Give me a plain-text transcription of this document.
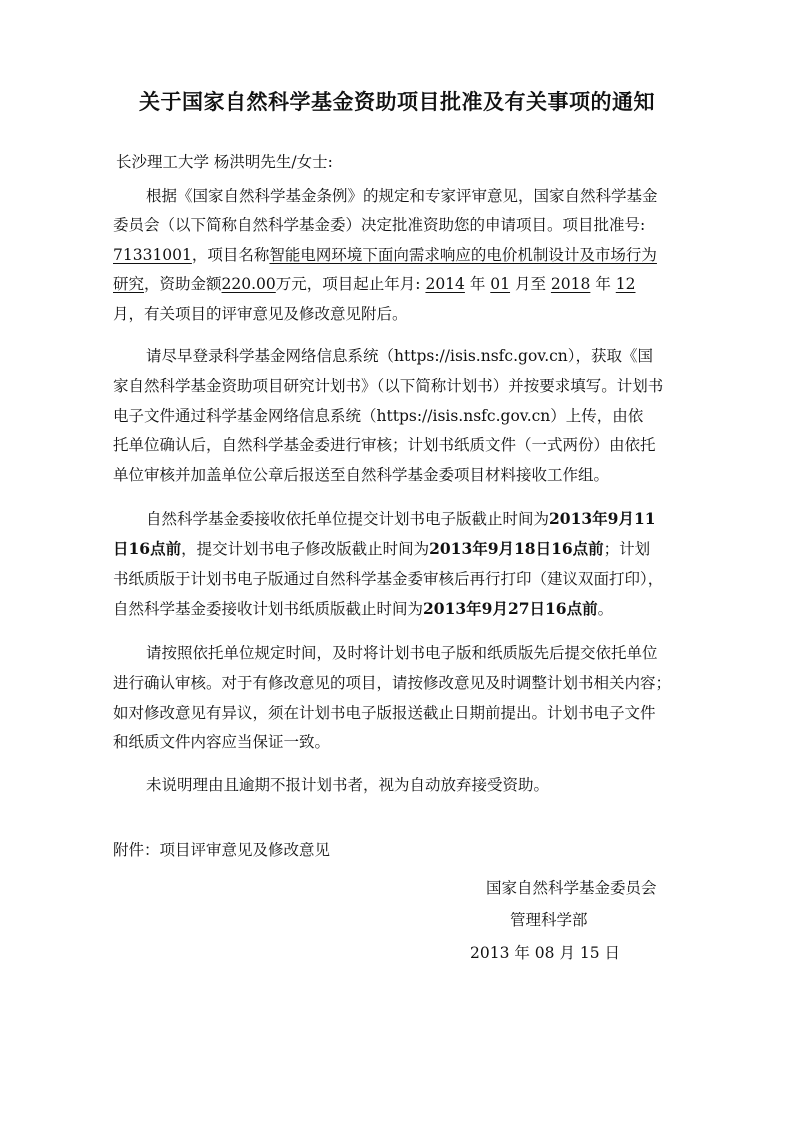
关于国家自然科学基金资助项目批准及有关事项的通知
长沙理工大学 杨洪明先生/女士:
根据《国家自然科学基金条例》的规定和专家评审意见，国家自然科学基金
委员会（以下简称自然科学基金委）决定批准资助您的申请项目。项目批准号:
71331001，项目名称智能电网环境下面向需求响应的电价机制设计及市场行为
研究，资助金额220.00万元，项目起止年月: 2014 年 01 月至 2018 年 12
月，有关项目的评审意见及修改意见附后。
请尽早登录科学基金网络信息系统（https://isis.nsfc.gov.cn），获取《国
家自然科学基金资助项目研究计划书》（以下简称计划书）并按要求填写。计划书
电子文件通过科学基金网络信息系统（https://isis.nsfc.gov.cn）上传，由依
托单位确认后，自然科学基金委进行审核；计划书纸质文件（一式两份）由依托
单位审核并加盖单位公章后报送至自然科学基金委项目材料接收工作组。
自然科学基金委接收依托单位提交计划书电子版截止时间为2013年9月11
日16点前，提交计划书电子修改版截止时间为2013年9月18日16点前；计划
书纸质版于计划书电子版通过自然科学基金委审核后再行打印（建议双面打印），
自然科学基金委接收计划书纸质版截止时间为2013年9月27日16点前。
请按照依托单位规定时间，及时将计划书电子版和纸质版先后提交依托单位
进行确认审核。对于有修改意见的项目，请按修改意见及时调整计划书相关内容；
如对修改意见有异议，须在计划书电子版报送截止日期前提出。计划书电子文件
和纸质文件内容应当保证一致。
未说明理由且逾期不报计划书者，视为自动放弃接受资助。
附件：项目评审意见及修改意见
国家自然科学基金委员会
管理科学部
2013 年 08 月 15 日
